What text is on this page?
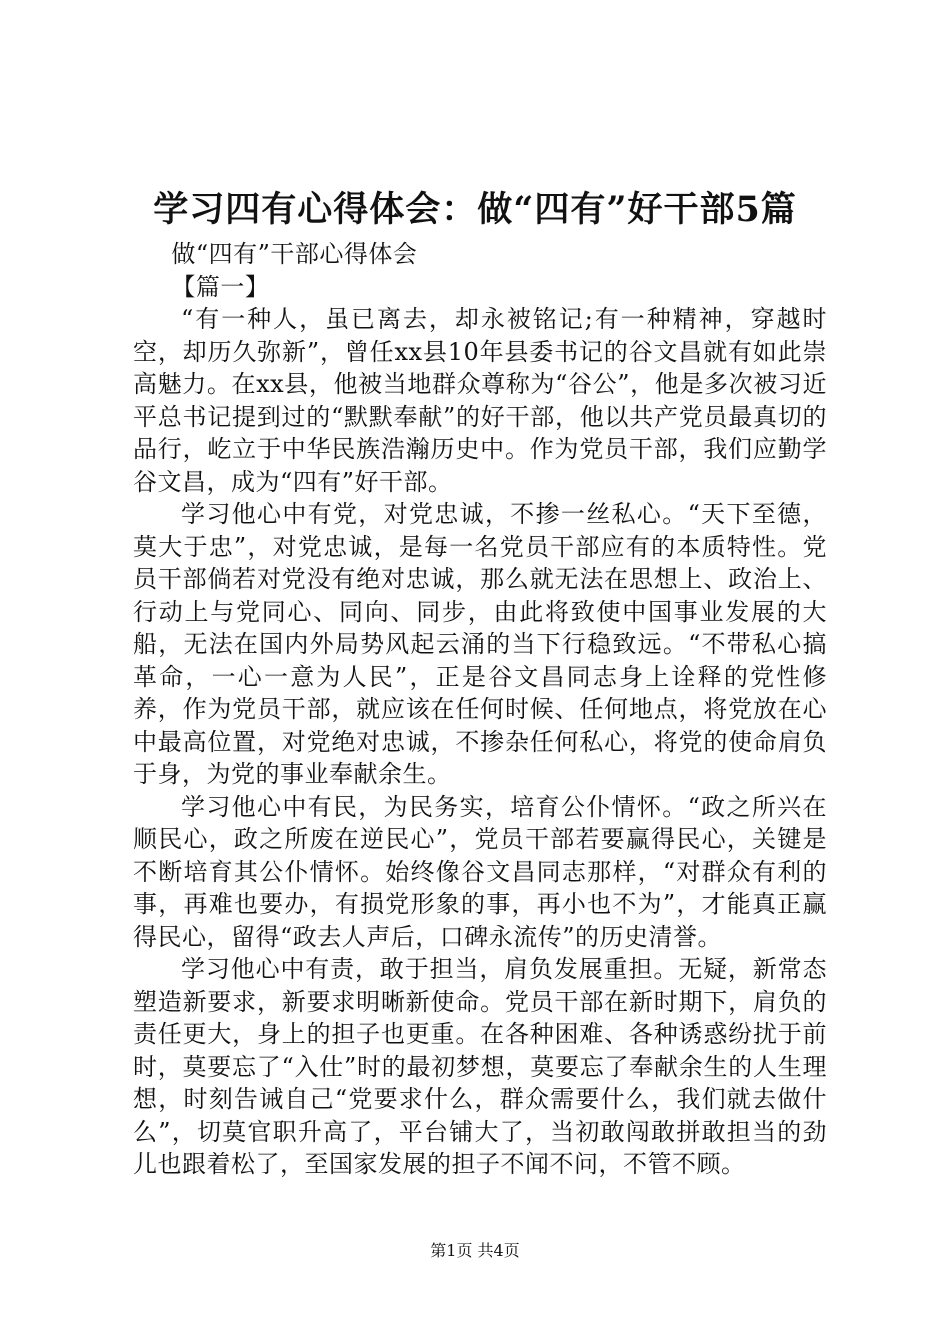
学习四有心得体会：做“四有”好干部5篇

做“四有”干部心得体会

【篇一】

“有一种人，虽已离去，却永被铭记;有一种精神，穿越时空，却历久弥新”，曾任xx县10年县委书记的谷文昌就有如此崇高魅力。在xx县，他被当地群众尊称为“谷公”，他是多次被习近平总书记提到过的“默默奉献”的好干部，他以共产党员最真切的品行，屹立于中华民族浩瀚历史中。作为党员干部，我们应勤学谷文昌，成为“四有”好干部。

学习他心中有党，对党忠诚，不掺一丝私心。“天下至德，莫大于忠”，对党忠诚，是每一名党员干部应有的本质特性。党员干部倘若对党没有绝对忠诚，那么就无法在思想上、政治上、行动上与党同心、同向、同步，由此将致使中国事业发展的大船，无法在国内外局势风起云涌的当下行稳致远。“不带私心搞革命，一心一意为人民”，正是谷文昌同志身上诠释的党性修养，作为党员干部，就应该在任何时候、任何地点，将党放在心中最高位置，对党绝对忠诚，不掺杂任何私心，将党的使命肩负于身，为党的事业奉献余生。

学习他心中有民，为民务实，培育公仆情怀。“政之所兴在顺民心，政之所废在逆民心”，党员干部若要赢得民心，关键是不断培育其公仆情怀。始终像谷文昌同志那样，“对群众有利的事，再难也要办，有损党形象的事，再小也不为”，才能真正赢得民心，留得“政去人声后，口碑永流传”的历史清誉。

学习他心中有责，敢于担当，肩负发展重担。无疑，新常态塑造新要求，新要求明晰新使命。党员干部在新时期下，肩负的责任更大，身上的担子也更重。在各种困难、各种诱惑纷扰于前时，莫要忘了“入仕”时的最初梦想，莫要忘了奉献余生的人生理想，时刻告诫自己“党要求什么，群众需要什么，我们就去做什么”，切莫官职升高了，平台铺大了，当初敢闯敢拼敢担当的劲儿也跟着松了，至国家发展的担子不闻不问，不管不顾。

第1页 共4页
